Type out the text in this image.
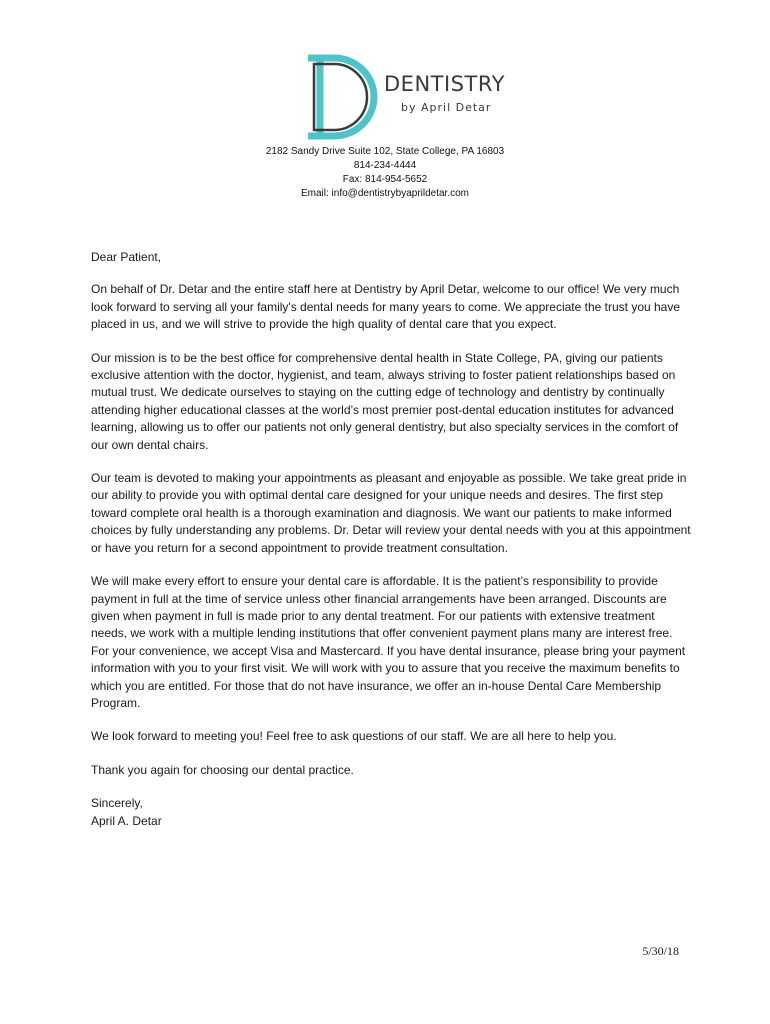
DENTISTRY
by April Detar
2182 Sandy Drive Suite 102, State College, PA 16803
814-234-4444
Fax: 814-954-5652
Email: info@dentistrybyaprildetar.com

Dear Patient,

On behalf of Dr. Detar and the entire staff here at Dentistry by April Detar, welcome to our office! We very much look forward to serving all your family's dental needs for many years to come. We appreciate the trust you have placed in us, and we will strive to provide the high quality of dental care that you expect.

Our mission is to be the best office for comprehensive dental health in State College, PA, giving our patients exclusive attention with the doctor, hygienist, and team, always striving to foster patient relationships based on mutual trust. We dedicate ourselves to staying on the cutting edge of technology and dentistry by continually attending higher educational classes at the world’s most premier post-dental education institutes for advanced learning, allowing us to offer our patients not only general dentistry, but also specialty services in the comfort of our own dental chairs.

Our team is devoted to making your appointments as pleasant and enjoyable as possible. We take great pride in our ability to provide you with optimal dental care designed for your unique needs and desires. The first step toward complete oral health is a thorough examination and diagnosis. We want our patients to make informed choices by fully understanding any problems. Dr. Detar will review your dental needs with you at this appointment or have you return for a second appointment to provide treatment consultation.

We will make every effort to ensure your dental care is affordable. It is the patient’s responsibility to provide payment in full at the time of service unless other financial arrangements have been arranged. Discounts are given when payment in full is made prior to any dental treatment. For our patients with extensive treatment needs, we work with a multiple lending institutions that offer convenient payment plans many are interest free. For your convenience, we accept Visa and Mastercard. If you have dental insurance, please bring your payment information with you to your first visit. We will work with you to assure that you receive the maximum benefits to which you are entitled. For those that do not have insurance, we offer an in-house Dental Care Membership Program.

We look forward to meeting you! Feel free to ask questions of our staff. We are all here to help you.

Thank you again for choosing our dental practice.

Sincerely,

April A. Detar

5/30/18
